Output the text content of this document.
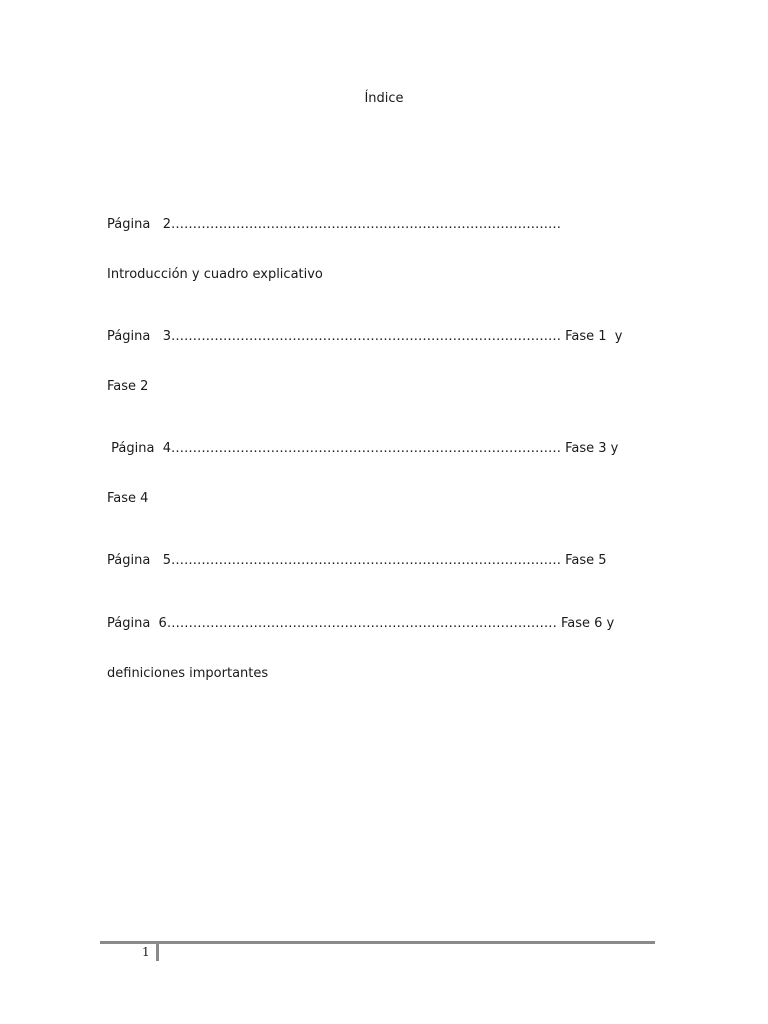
Índice
Página   2………………………………………………………………………………
Introducción y cuadro explicativo
Página   3……………………………………………………………………………… Fase 1  y
Fase 2
Página  4……………………………………………………………………………… Fase 3 y
Fase 4
Página   5……………………………………………………………………………… Fase 5
Página  6……………………………………………………………………………… Fase 6 y
definiciones importantes
1
